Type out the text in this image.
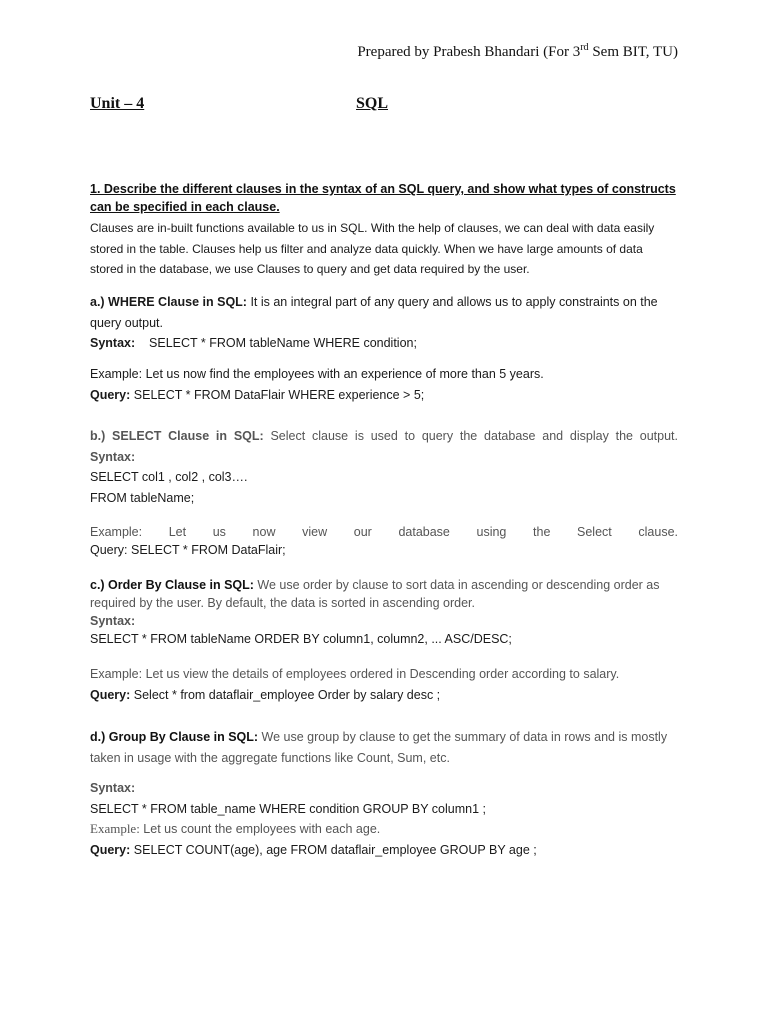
Prepared by Prabesh Bhandari (For 3rd Sem BIT, TU)
Unit – 4	SQL
1. Describe the different clauses in the syntax of an SQL query, and show what types of constructs can be specified in each clause.
Clauses are in-built functions available to us in SQL. With the help of clauses, we can deal with data easily stored in the table. Clauses help us filter and analyze data quickly. When we have large amounts of data stored in the database, we use Clauses to query and get data required by the user.
a.) WHERE Clause in SQL: It is an integral part of any query and allows us to apply constraints on the query output.
Syntax:    SELECT * FROM tableName WHERE condition;
Example: Let us now find the employees with an experience of more than 5 years.
Query: SELECT * FROM DataFlair WHERE experience > 5;
b.) SELECT Clause in SQL: Select clause is used to query the database and display the output.
Syntax:
SELECT col1 , col2 , col3….
FROM tableName;
Example: Let us now view our database using the Select clause.
Query: SELECT * FROM DataFlair;
c.) Order By Clause in SQL: We use order by clause to sort data in ascending or descending order as required by the user. By default, the data is sorted in ascending order.
Syntax:
SELECT * FROM tableName ORDER BY column1, column2, ... ASC/DESC;
Example: Let us view the details of employees ordered in Descending order according to salary.
Query: Select * from dataflair_employee Order by salary desc ;
d.) Group By Clause in SQL: We use group by clause to get the summary of data in rows and is mostly taken in usage with the aggregate functions like Count, Sum, etc.
Syntax:
SELECT * FROM table_name WHERE condition GROUP BY column1 ;
Example: Let us count the employees with each age.
Query: SELECT COUNT(age), age FROM dataflair_employee GROUP BY age ;
